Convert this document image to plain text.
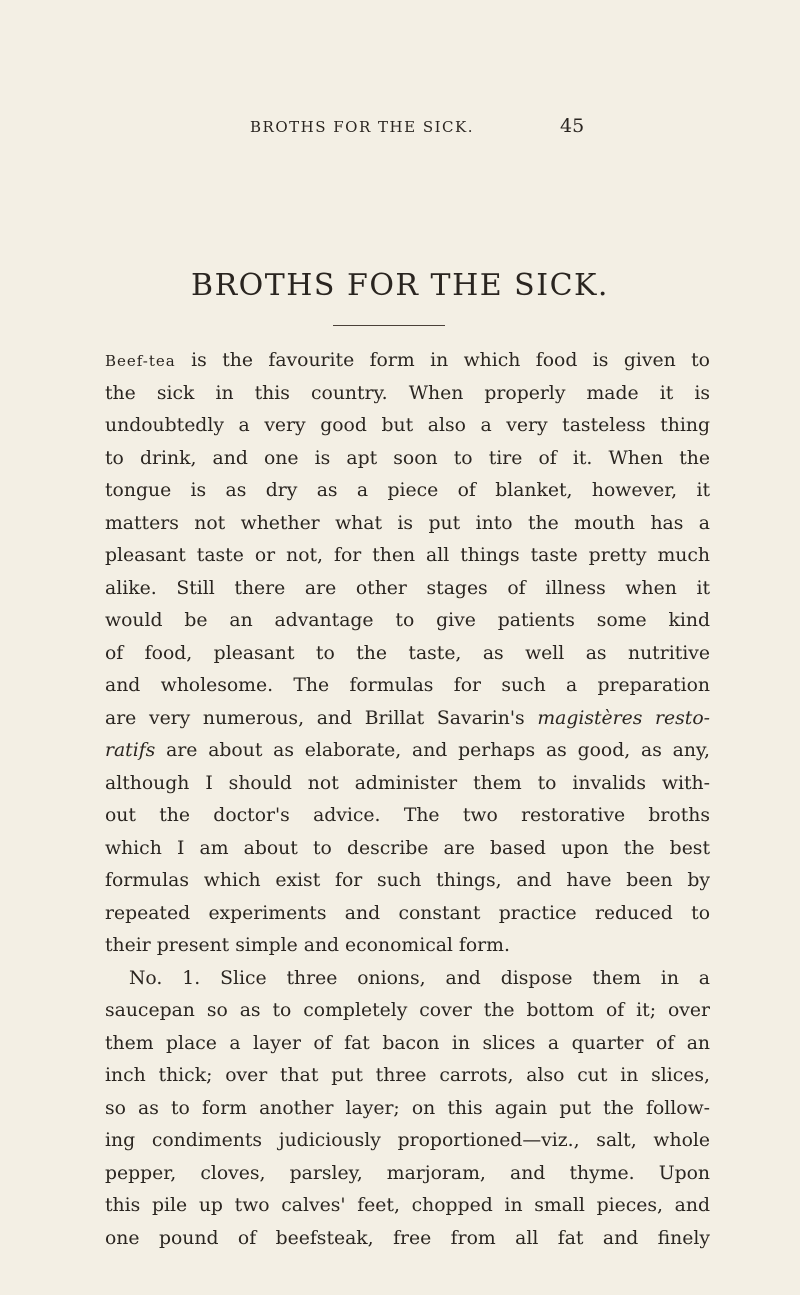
BROTHS FOR THE SICK.	45
BROTHS FOR THE SICK.
Beef-tea is the favourite form in which food is given to
the sick in this country. When properly made it is
undoubtedly a very good but also a very tasteless thing
to drink, and one is apt soon to tire of it. When the
tongue is as dry as a piece of blanket, however, it
matters not whether what is put into the mouth has a
pleasant taste or not, for then all things taste pretty much
alike. Still there are other stages of illness when it
would be an advantage to give patients some kind
of food, pleasant to the taste, as well as nutritive
and wholesome. The formulas for such a preparation
are very numerous, and Brillat Savarin's magistères resto-
ratifs are about as elaborate, and perhaps as good, as any,
although I should not administer them to invalids with-
out the doctor's advice. The two restorative broths
which I am about to describe are based upon the best
formulas which exist for such things, and have been by
repeated experiments and constant practice reduced to
their present simple and economical form.
No. 1. Slice three onions, and dispose them in a
saucepan so as to completely cover the bottom of it; over
them place a layer of fat bacon in slices a quarter of an
inch thick; over that put three carrots, also cut in slices,
so as to form another layer; on this again put the follow-
ing condiments judiciously proportioned—viz., salt, whole
pepper, cloves, parsley, marjoram, and thyme. Upon
this pile up two calves' feet, chopped in small pieces, and
one pound of beefsteak, free from all fat and finely
